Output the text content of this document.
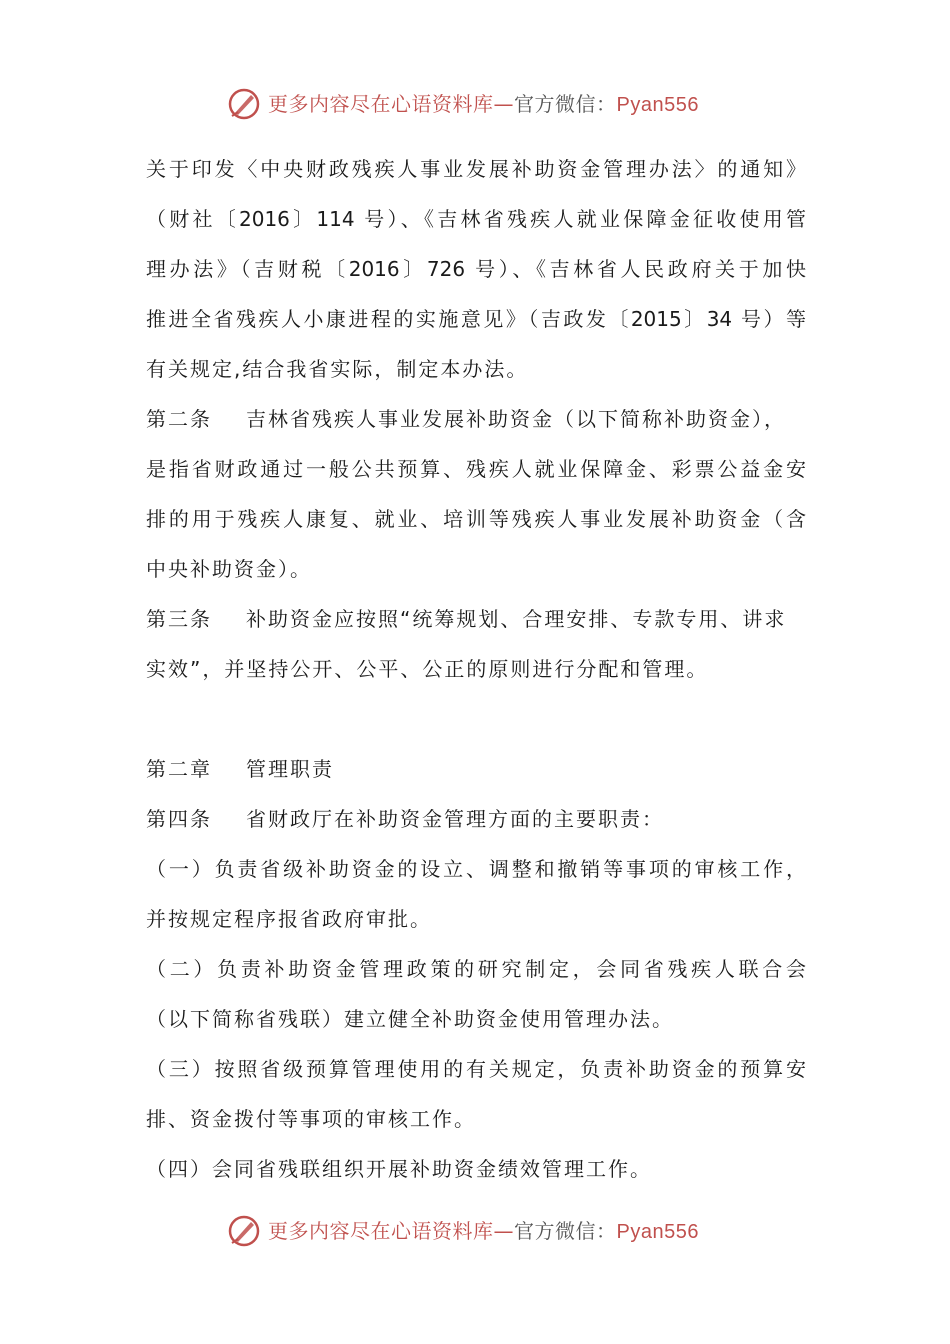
更多内容尽在心语资料库—官方微信：Pyan556
关于印发〈中央财政残疾人事业发展补助资金管理办法〉的通知》
（财社〔2016〕114 号）、《吉林省残疾人就业保障金征收使用管
理办法》（吉财税〔2016〕726 号）、《吉林省人民政府关于加快
推进全省残疾人小康进程的实施意见》（吉政发〔2015〕34 号）等
有关规定,结合我省实际，制定本办法。
第二条 吉林省残疾人事业发展补助资金（以下简称补助资金），
是指省财政通过一般公共预算、残疾人就业保障金、彩票公益金安
排的用于残疾人康复、就业、培训等残疾人事业发展补助资金（含
中央补助资金）。
第三条 补助资金应按照“统筹规划、合理安排、专款专用、讲求
实效”，并坚持公开、公平、公正的原则进行分配和管理。
第二章 管理职责
第四条 省财政厅在补助资金管理方面的主要职责：
（一）负责省级补助资金的设立、调整和撤销等事项的审核工作，
并按规定程序报省政府审批。
（二）负责补助资金管理政策的研究制定，会同省残疾人联合会
（以下简称省残联）建立健全补助资金使用管理办法。
（三）按照省级预算管理使用的有关规定，负责补助资金的预算安
排、资金拨付等事项的审核工作。
（四）会同省残联组织开展补助资金绩效管理工作。
更多内容尽在心语资料库—官方微信：Pyan556
